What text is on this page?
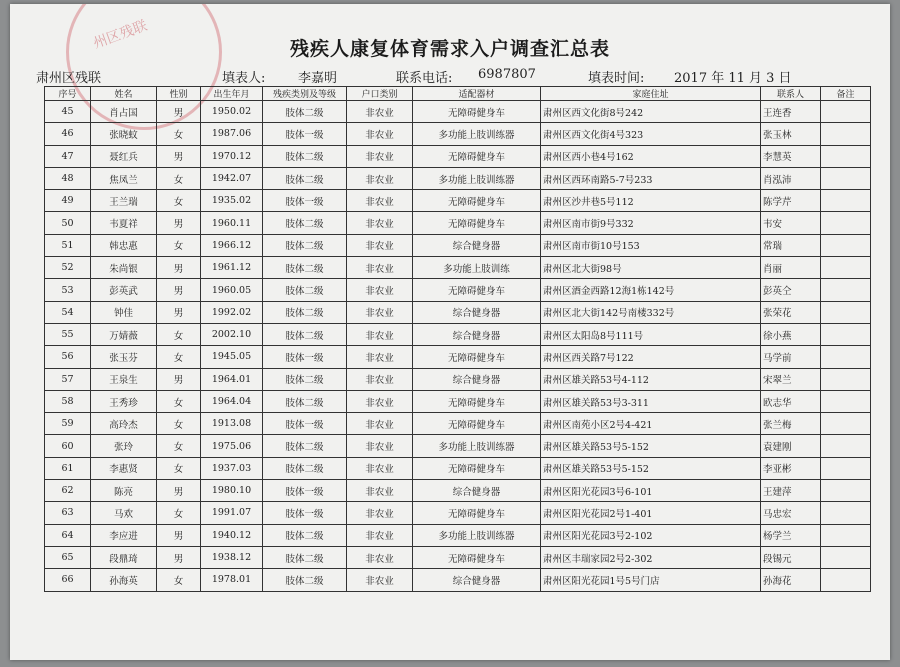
州区残联	残疾人康复体育需求入户调查汇总表
肃州区残联	填表人:	李嘉明	联系电话: 6987807	填表时间: 2017 年 11 月 3 日
序号	姓名	性别	出生年月	残疾类别及等级	户口类别	适配器材	家庭住址	联系人	备注
45	肖占国	男	1950.02	肢体二级	非农业	无障碍健身车	肃州区西文化街8号242	王连香	
46	张晓蚊	女	1987.06	肢体一级	非农业	多功能上肢训练器	肃州区西文化街4号323	张玉林	
47	聂红兵	男	1970.12	肢体二级	非农业	无障碍健身车	肃州区西小巷4号162	李慧英	
48	焦凤兰	女	1942.07	肢体二级	非农业	多功能上肢训练器	肃州区西环南路5-7号233	肖泓沛	
49	王兰瑞	女	1935.02	肢体一级	非农业	无障碍健身车	肃州区沙井巷5号112	陈学芹	
50	韦夏祥	男	1960.11	肢体二级	非农业	无障碍健身车	肃州区南市街9号332	韦安	
51	韩忠惠	女	1966.12	肢体二级	非农业	综合健身器	肃州区南市街10号153	常瑞	
52	朱尚银	男	1961.12	肢体二级	非农业	多功能上肢训练	肃州区北大街98号	肖丽	
53	彭英武	男	1960.05	肢体二级	非农业	无障碍健身车	肃州区酒金西路12海1栋142号	彭英仝	
54	钟佳	男	1992.02	肢体二级	非农业	综合健身器	肃州区北大街142号南楼332号	张荣花	
55	万婧薇	女	2002.10	肢体二级	非农业	综合健身器	肃州区太阳岛8号111号	徐小燕	
56	张玉芬	女	1945.05	肢体一级	非农业	无障碍健身车	肃州区西关路7号122	马学前	
57	王泉生	男	1964.01	肢体二级	非农业	综合健身器	肃州区雄关路53号4-112	宋翠兰	
58	王秀珍	女	1964.04	肢体二级	非农业	无障碍健身车	肃州区雄关路53号3-311	欧志华	
59	高玲杰	女	1913.08	肢体一级	非农业	无障碍健身车	肃州区南苑小区2号4-421	张兰梅	
60	张玲	女	1975.06	肢体二级	非农业	多功能上肢训练器	肃州区雄关路53号5-152	袁建刚	
61	李惠贤	女	1937.03	肢体二级	非农业	无障碍健身车	肃州区雄关路53号5-152	李亚彬	
62	陈亮	男	1980.10	肢体一级	非农业	综合健身器	肃州区阳光花园3号6-101	王建萍	
63	马欢	女	1991.07	肢体一级	非农业	无障碍健身车	肃州区阳光花园2号1-401	马忠宏	
64	李应进	男	1940.12	肢体二级	非农业	多功能上肢训练器	肃州区阳光花园3号2-102	杨学兰	
65	段鼎琦	男	1938.12	肢体二级	非农业	无障碍健身车	肃州区丰瑞家园2号2-302	段锡元	
66	孙海英	女	1978.01	肢体二级	非农业	综合健身器	肃州区阳光花园1号5号门店	孙海花	
